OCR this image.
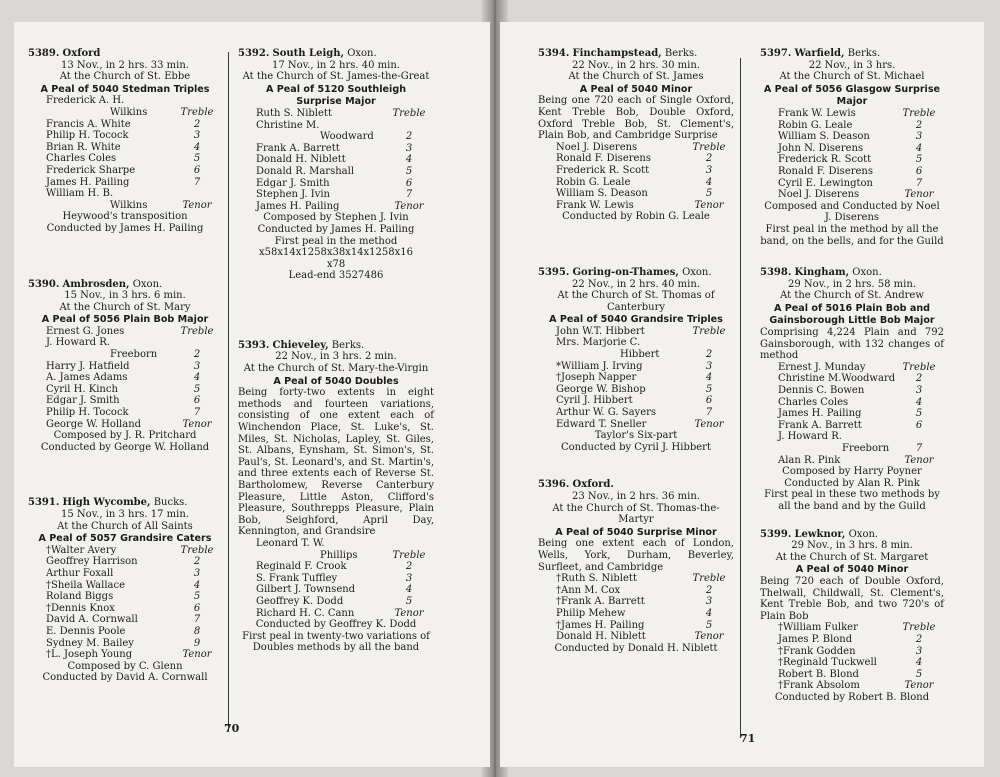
5389. Oxford
13 Nov., in 2 hrs. 33 min.
At the Church of St. Ebbe
A Peal of 5040 Stedman Triples
Frederick A. H.
Wilkins	Treble
Francis A. White	2
Philip H. Tocock	3
Brian R. White	4
Charles Coles	5
Frederick Sharpe	6
James H. Pailing	7
William H. B.
Wilkins	Tenor
Heywood's transposition
Conducted by James H. Pailing
5390. Ambrosden, Oxon.
15 Nov., in 3 hrs. 6 min.
At the Church of St. Mary
A Peal of 5056 Plain Bob Major
Ernest G. Jones	Treble
J. Howard R.
Freeborn	2
Harry J. Hatfield	3
A. James Adams	4
Cyril H. Kinch	5
Edgar J. Smith	6
Philip H. Tocock	7
George W. Holland	Tenor
Composed by J. R. Pritchard
Conducted by George W. Holland
5391. High Wycombe, Bucks.
15 Nov., in 3 hrs. 17 min.
At the Church of All Saints
A Peal of 5057 Grandsire Caters
†Walter Avery	Treble
Geoffrey Harrison	2
Arthur Foxall	3
†Sheila Wallace	4
Roland Biggs	5
†Dennis Knox	6
David A. Cornwall	7
E. Dennis Poole	8
Sydney M. Bailey	9
†L. Joseph Young	Tenor
Composed by C. Glenn
Conducted by David A. Cornwall
5392. South Leigh, Oxon.
17 Nov., in 2 hrs. 40 min.
At the Church of St. James-the-Great
A Peal of 5120 Southleigh
Surprise Major
Ruth S. Niblett	Treble
Christine M.
Woodward	2
Frank A. Barrett	3
Donald H. Niblett	4
Donald R. Marshall	5
Edgar J. Smith	6
Stephen J. Ivin	7
James H. Pailing	Tenor
Composed by Stephen J. Ivin
Conducted by James H. Pailing
First peal in the method
x58x14x1258x38x14x1258x16
x78
Lead-end 3527486
5393. Chieveley, Berks.
22 Nov., in 3 hrs. 2 min.
At the Church of St. Mary-the-Virgin
A Peal of 5040 Doubles
Being forty-two extents in eight methods and fourteen variations, consisting of one extent each of Winchendon Place, St. Luke's, St. Miles, St. Nicholas, Lapley, St. Giles, St. Albans, Eynsham, St. Simon's, St. Paul's, St. Leonard's, and St. Martin's, and three extents each of Reverse St. Bartholomew, Reverse Canterbury Pleasure, Little Aston, Clifford's Pleasure, Southrepps Pleasure, Plain Bob, Seighford, April Day, Kennington, and Grandsire
Leonard T. W.
Phillips	Treble
Reginald F. Crook	2
S. Frank Tuffley	3
Gilbert J. Townsend	4
Geoffrey K. Dodd	5
Richard H. C. Cann	Tenor
Conducted by Geoffrey K. Dodd
First peal in twenty-two variations of Doubles methods by all the band
70
5394. Finchampstead, Berks.
22 Nov., in 2 hrs. 30 min.
At the Church of St. James
A Peal of 5040 Minor
Being one 720 each of Single Oxford, Kent Treble Bob, Double Oxford, Oxford Treble Bob, St. Clement's, Plain Bob, and Cambridge Surprise
Noel J. Diserens	Treble
Ronald F. Diserens	2
Frederick R. Scott	3
Robin G. Leale	4
William S. Deason	5
Frank W. Lewis	Tenor
Conducted by Robin G. Leale
5395. Goring-on-Thames, Oxon.
22 Nov., in 2 hrs. 40 min.
At the Church of St. Thomas of Canterbury
A Peal of 5040 Grandsire Triples
John W.T. Hibbert	Treble
Mrs. Marjorie C.
Hibbert	2
*William J. Irving	3
†Joseph Napper	4
George W. Bishop	5
Cyril J. Hibbert	6
Arthur W. G. Sayers	7
Edward T. Sneller	Tenor
Taylor's Six-part
Conducted by Cyril J. Hibbert
5396. Oxford.
23 Nov., in 2 hrs. 36 min.
At the Church of St. Thomas-the-Martyr
A Peal of 5040 Surprise Minor
Being one extent each of London, Wells, York, Durham, Beverley, Surfleet, and Cambridge
†Ruth S. Niblett	Treble
†Ann M. Cox	2
†Frank A. Barrett	3
Philip Mehew	4
†James H. Pailing	5
Donald H. Niblett	Tenor
Conducted by Donald H. Niblett
5397. Warfield, Berks.
22 Nov., in 3 hrs.
At the Church of St. Michael
A Peal of 5056 Glasgow Surprise
Major
Frank W. Lewis	Treble
Robin G. Leale	2
William S. Deason	3
John N. Diserens	4
Frederick R. Scott	5
Ronald F. Diserens	6
Cyril E. Lewington	7
Noel J. Diserens	Tenor
Composed and Conducted by Noel J. Diserens
First peal in the method by all the band, on the bells, and for the Guild
5398. Kingham, Oxon.
29 Nov., in 2 hrs. 58 min.
At the Church of St. Andrew
A Peal of 5016 Plain Bob and
Gainsborough Little Bob Major
Comprising 4,224 Plain and 792 Gainsborough, with 132 changes of method
Ernest J. Munday	Treble
Christine M.Woodward	2
Dennis C. Bowen	3
Charles Coles	4
James H. Pailing	5
Frank A. Barrett	6
J. Howard R.
Freeborn	7
Alan R. Pink	Tenor
Composed by Harry Poyner
Conducted by Alan R. Pink
First peal in these two methods by all the band and by the Guild
5399. Lewknor, Oxon.
29 Nov., in 3 hrs. 8 min.
At the Church of St. Margaret
A Peal of 5040 Minor
Being 720 each of Double Oxford, Thelwall, Childwall, St. Clement's, Kent Treble Bob, and two 720's of Plain Bob
†William Fulker	Treble
James P. Blond	2
†Frank Godden	3
†Reginald Tuckwell	4
Robert B. Blond	5
†Frank Absolom	Tenor
Conducted by Robert B. Blond
71
